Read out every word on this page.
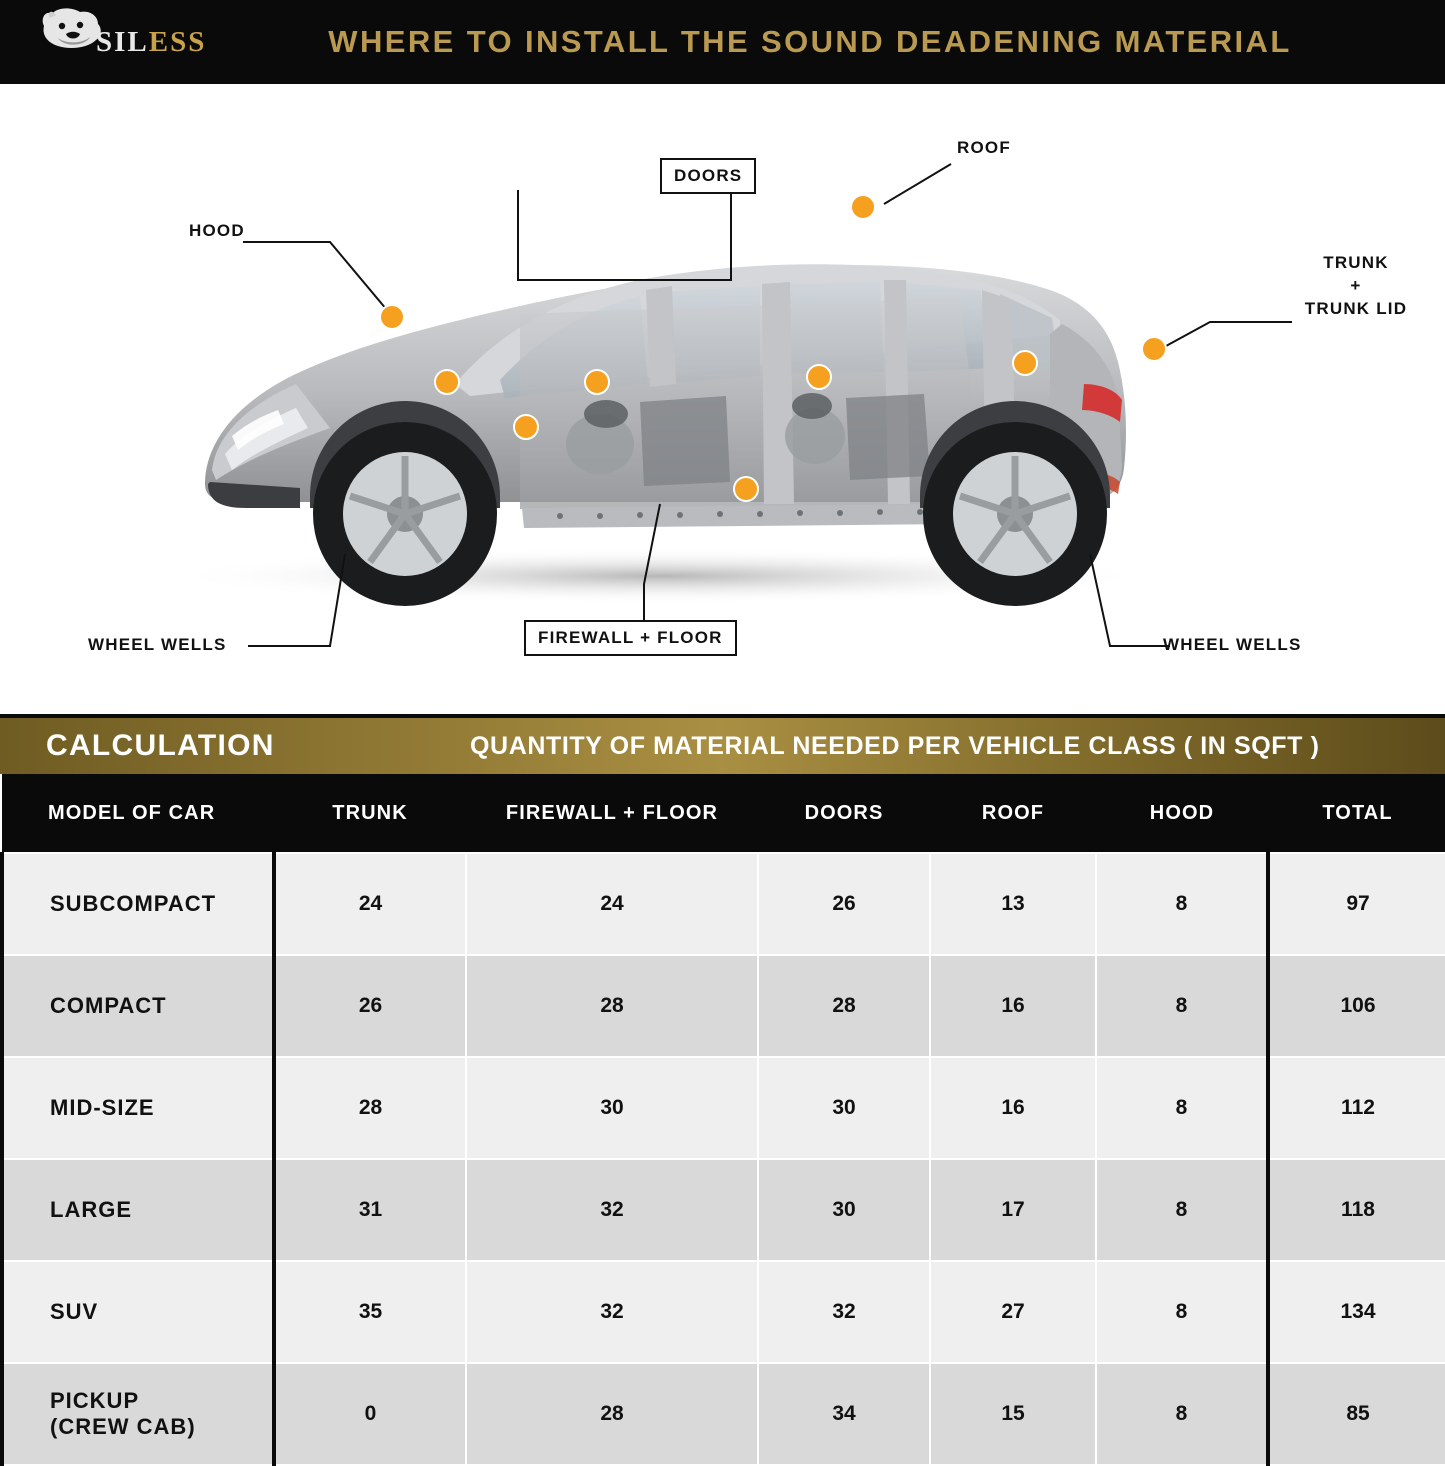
SILESS	WHERE TO INSTALL THE SOUND DEADENING MATERIAL
HOOD
DOORS
ROOF
TRUNK
+
TRUNK LID
WHEEL WELLS	FIREWALL + FLOOR	WHEEL WELLS
CALCULATION	QUANTITY OF MATERIAL NEEDED PER VEHICLE CLASS ( IN SQFT )
MODEL OF CAR	TRUNK	FIREWALL + FLOOR	DOORS	ROOF	HOOD	TOTAL
SUBCOMPACT	24	24	26	13	8	97
COMPACT	26	28	28	16	8	106
MID-SIZE	28	30	30	16	8	112
LARGE	31	32	30	17	8	118
SUV	35	32	32	27	8	134

PICKUP
(CREW CAB)	0	28	34	15	8	85
